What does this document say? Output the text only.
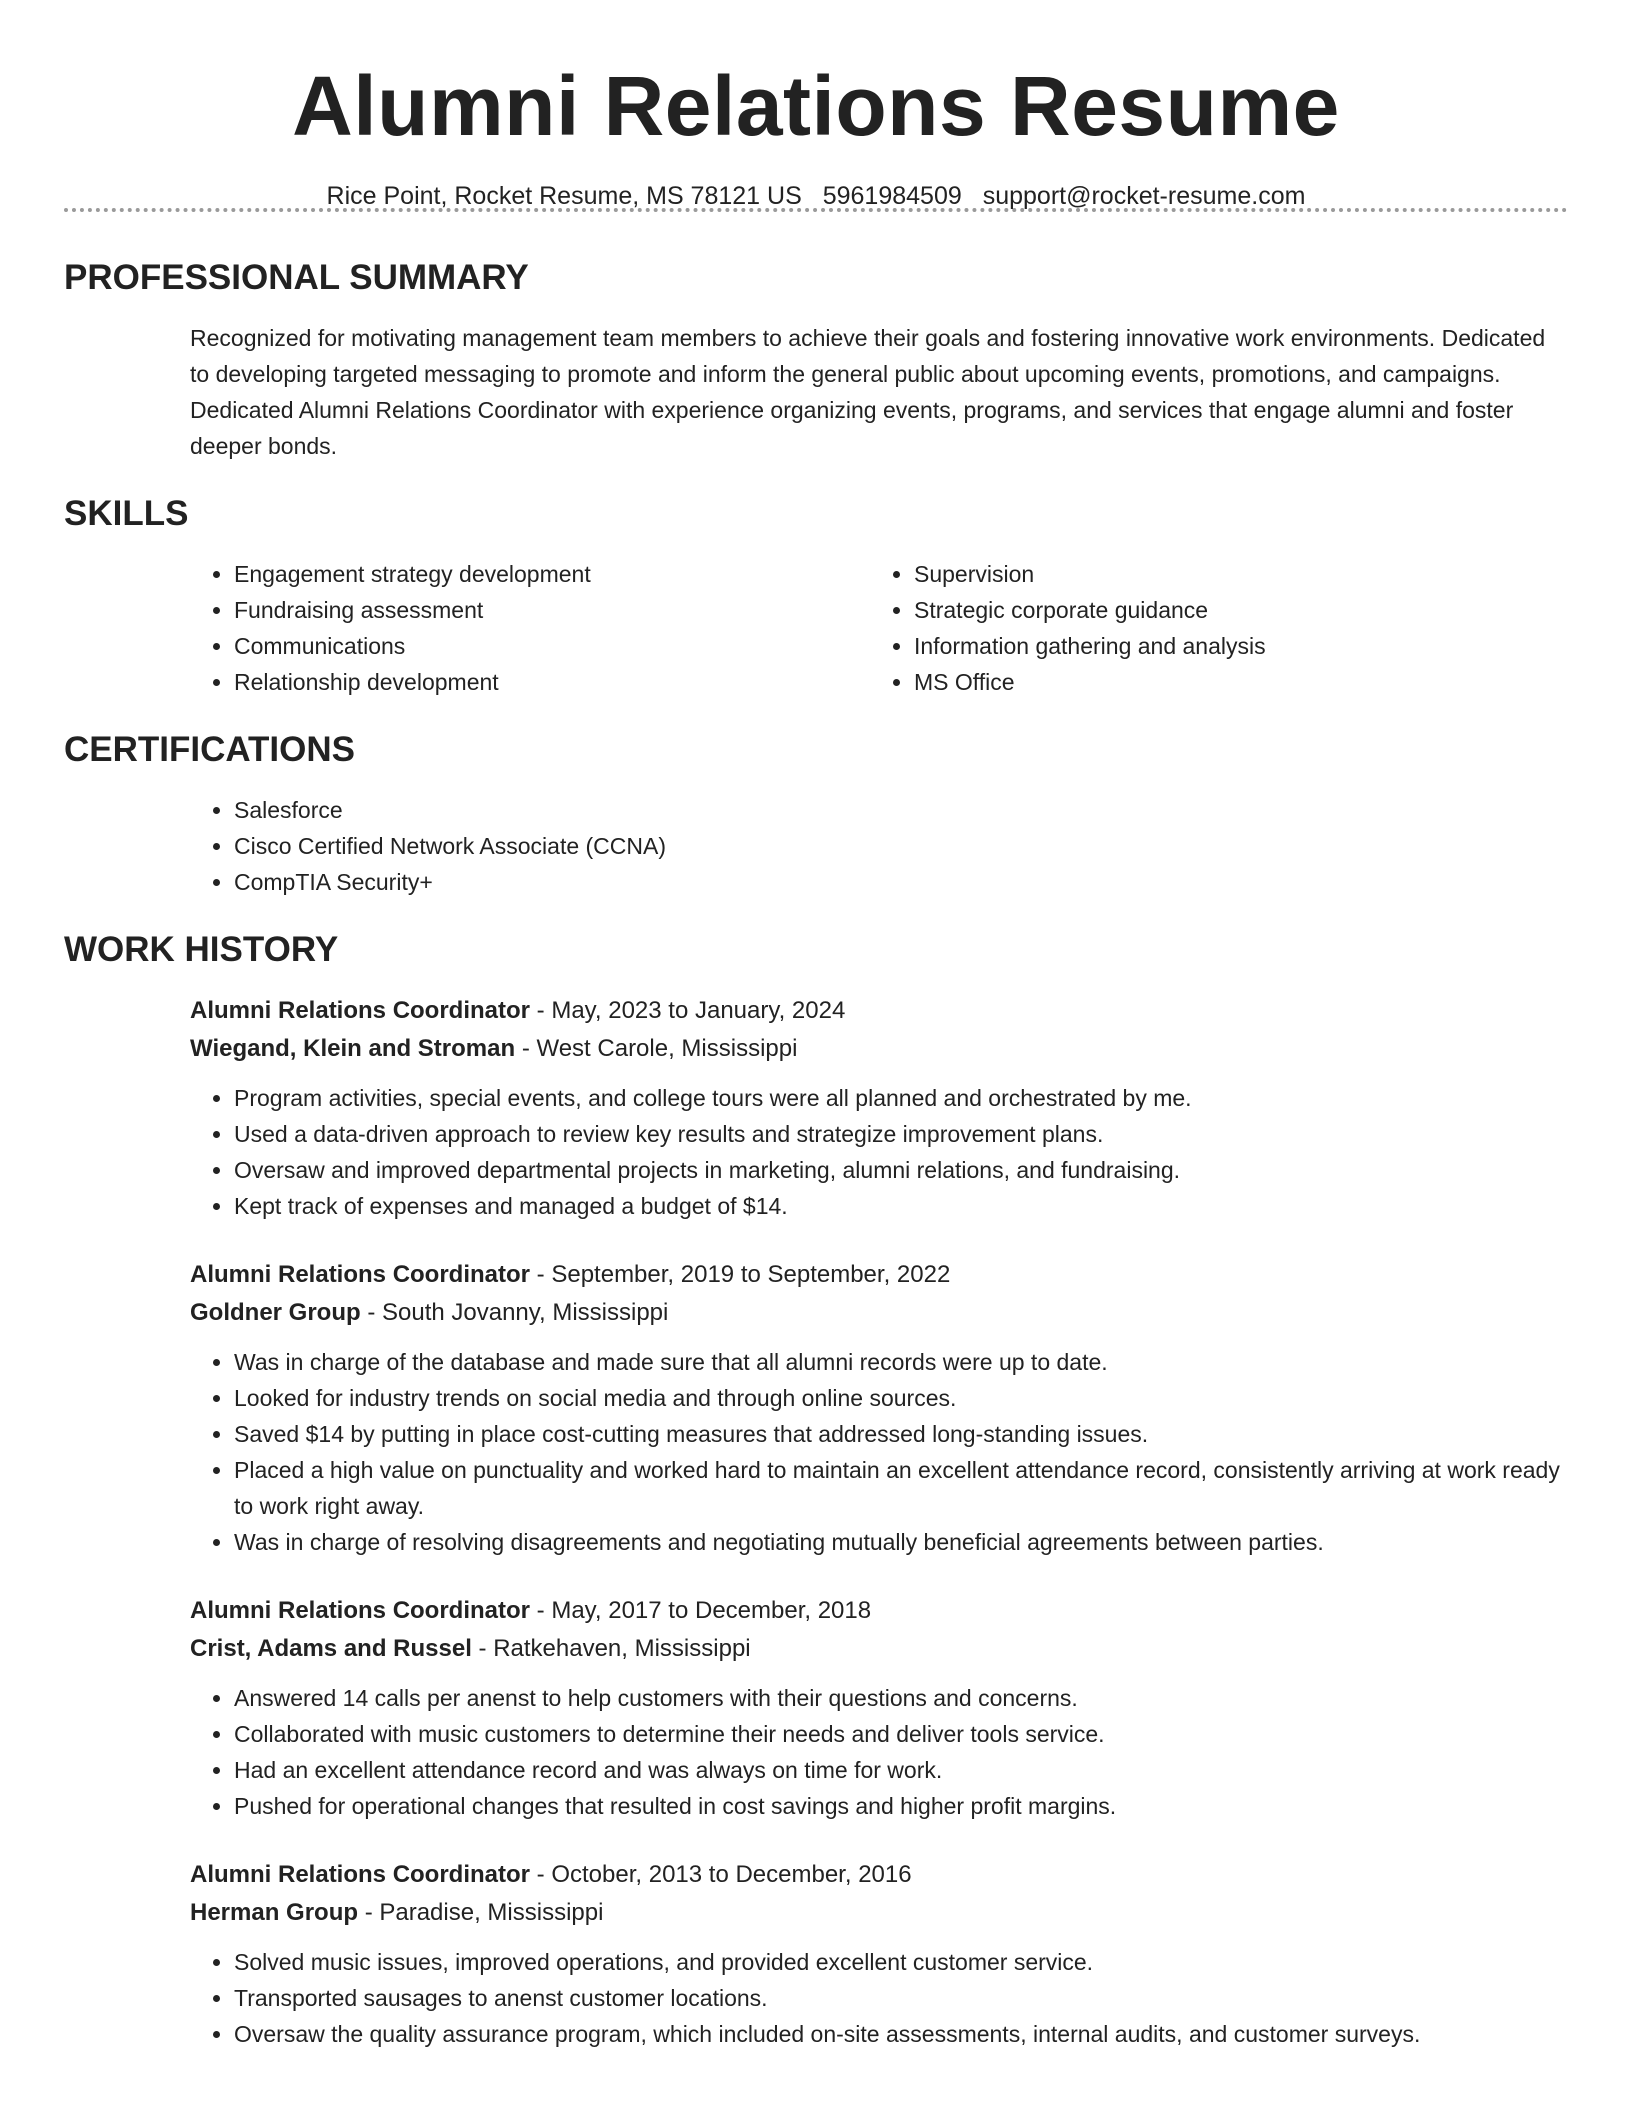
Alumni Relations Resume
Rice Point, Rocket Resume, MS 78121 US 5961984509 support@rocket-resume.com
PROFESSIONAL SUMMARY
Recognized for motivating management team members to achieve their goals and fostering innovative work environments. Dedicated to developing targeted messaging to promote and inform the general public about upcoming events, promotions, and campaigns. Dedicated Alumni Relations Coordinator with experience organizing events, programs, and services that engage alumni and foster deeper bonds.
SKILLS
• Engagement strategy development
• Fundraising assessment
• Communications
• Relationship development
• Supervision
• Strategic corporate guidance
• Information gathering and analysis
• MS Office
CERTIFICATIONS
• Salesforce
• Cisco Certified Network Associate (CCNA)
• CompTIA Security+
WORK HISTORY
Alumni Relations Coordinator - May, 2023 to January, 2024
Wiegand, Klein and Stroman - West Carole, Mississippi
• Program activities, special events, and college tours were all planned and orchestrated by me.
• Used a data-driven approach to review key results and strategize improvement plans.
• Oversaw and improved departmental projects in marketing, alumni relations, and fundraising.
• Kept track of expenses and managed a budget of $14.
Alumni Relations Coordinator - September, 2019 to September, 2022
Goldner Group - South Jovanny, Mississippi
• Was in charge of the database and made sure that all alumni records were up to date.
• Looked for industry trends on social media and through online sources.
• Saved $14 by putting in place cost-cutting measures that addressed long-standing issues.
• Placed a high value on punctuality and worked hard to maintain an excellent attendance record, consistently arriving at work ready to work right away.
• Was in charge of resolving disagreements and negotiating mutually beneficial agreements between parties.
Alumni Relations Coordinator - May, 2017 to December, 2018
Crist, Adams and Russel - Ratkehaven, Mississippi
• Answered 14 calls per anenst to help customers with their questions and concerns.
• Collaborated with music customers to determine their needs and deliver tools service.
• Had an excellent attendance record and was always on time for work.
• Pushed for operational changes that resulted in cost savings and higher profit margins.
Alumni Relations Coordinator - October, 2013 to December, 2016
Herman Group - Paradise, Mississippi
• Solved music issues, improved operations, and provided excellent customer service.
• Transported sausages to anenst customer locations.
• Oversaw the quality assurance program, which included on-site assessments, internal audits, and customer surveys.
